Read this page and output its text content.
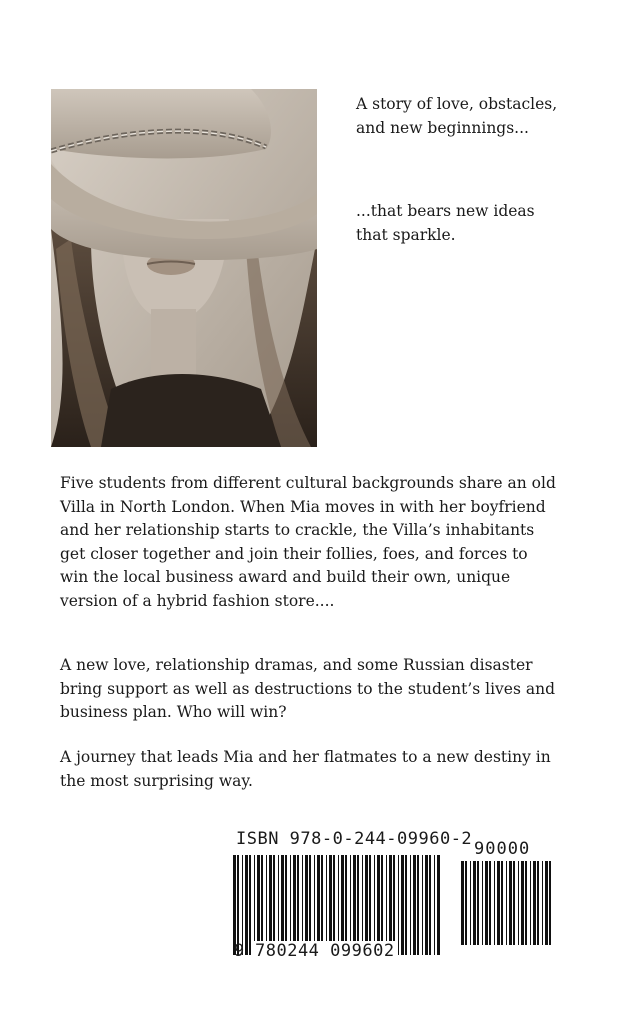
A story of love, obstacles, and new beginnings...

...that bears new ideas that sparkle.

Five students from different cultural backgrounds share an old Villa in North London. When Mia moves in with her boyfriend and her relationship starts to crackle, the Villa’s inhabitants get closer together and join their follies, foes, and forces to win the local business award and build their own, unique version of a hybrid fashion store....

A new love, relationship dramas, and some Russian disaster bring support as well as destructions to the student’s lives and business plan. Who will win?

A journey that leads Mia and her flatmates to a new destiny in the most surprising way.

ISBN 978-0-244-09960-2 90000
9 780244 099602
